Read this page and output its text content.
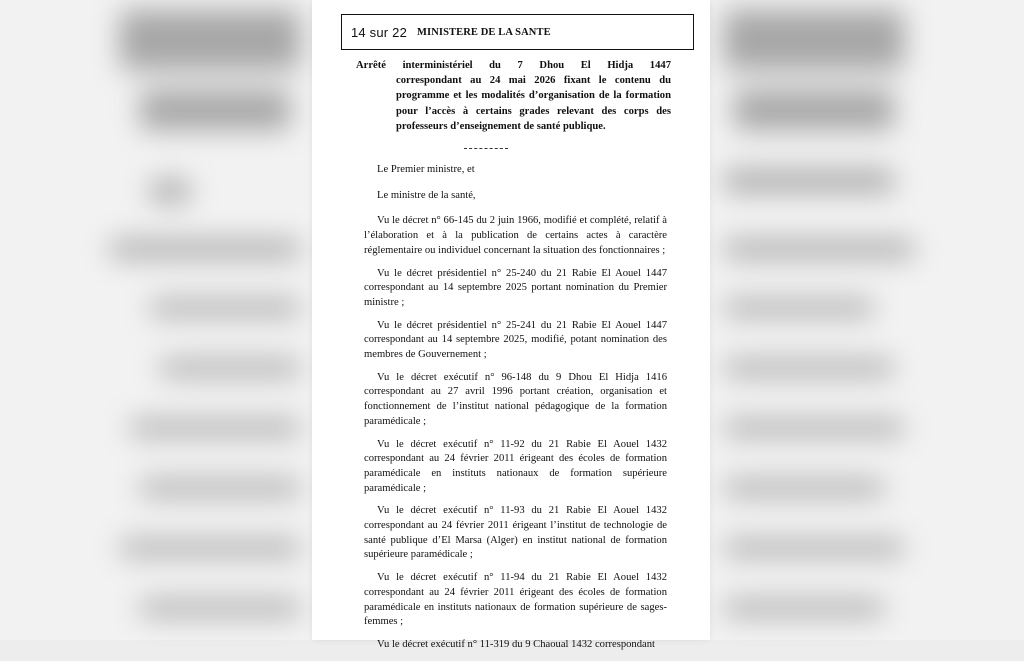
14 sur 22 MINISTERE DE LA SANTE
Arrêté interministériel du 7 Dhou El Hidja 1447
correspondant au 24 mai 2026 fixant le contenu du programme et les modalités d’organisation de la formation pour l’accès à certains grades relevant des corps des professeurs d’enseignement de santé publique.

Le Premier ministre, et

Le ministre de la santé,

Vu le décret n° 66-145 du 2 juin 1966, modifié et complété, relatif à l’élaboration et à la publication de certains actes à caractère réglementaire ou individuel concernant la situation des fonctionnaires ;

Vu le décret présidentiel n° 25-240 du 21 Rabie El Aouel 1447 correspondant au 14 septembre 2025 portant nomination du Premier ministre ;

Vu le décret présidentiel n° 25-241 du 21 Rabie El Aouel 1447 correspondant au 14 septembre 2025, modifié, potant nomination des membres de Gouvernement ;

Vu le décret exécutif n° 96-148 du 9 Dhou El Hidja 1416 correspondant au 27 avril 1996 portant création, organisation et fonctionnement de l’institut national pédagogique de la formation paramédicale ;

Vu le décret exécutif n° 11-92 du 21 Rabie El Aouel 1432 correspondant au 24 février 2011 érigeant des écoles de formation paramédicale en instituts nationaux de formation supérieure paramédicale ;

Vu le décret exécutif n° 11-93 du 21 Rabie El Aouel 1432 correspondant au 24 février 2011 érigeant l’institut de technologie de santé publique d’El Marsa (Alger) en institut national de formation supérieure paramédicale ;

Vu le décret exécutif n° 11-94 du 21 Rabie El Aouel 1432 correspondant au 24 février 2011 érigeant des écoles de formation paramédicale en instituts nationaux de formation supérieure de sages-femmes ;

Vu le décret exécutif n° 11-319 du 9 Chaoual 1432 correspondant
